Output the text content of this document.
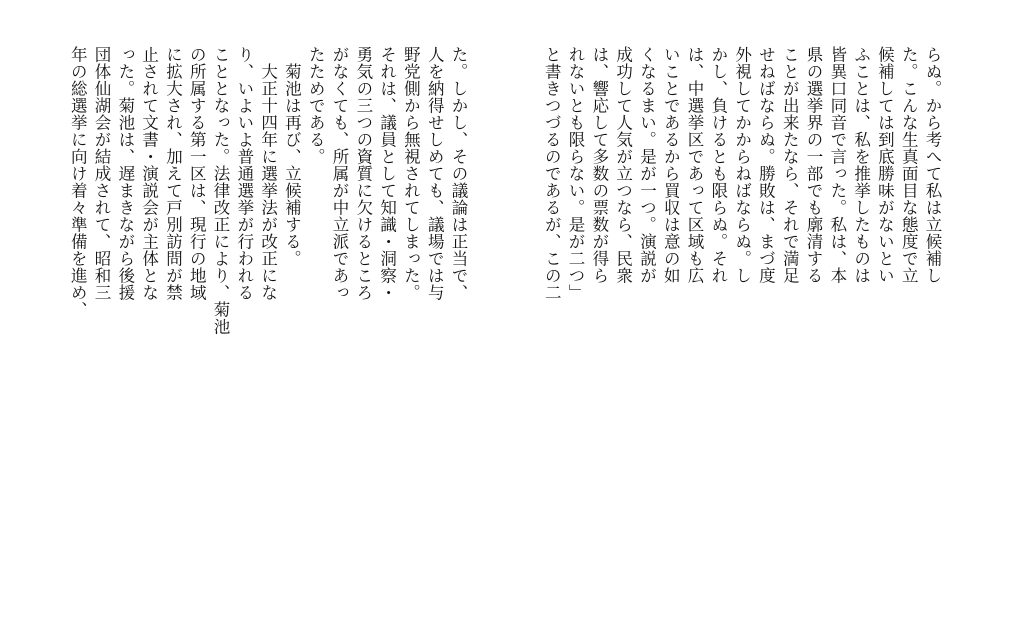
た。しかし、その議論は正当で、
人を納得せしめても、議場では与
野党側から無視されてしまった。
それは、議員として知識・洞察・
勇気の三つの資質に欠けるところ
がなくても、所属が中立派であっ
たためである。
　菊池は再び、立候補する。
　大正十四年に選挙法が改正にな
り、いよいよ普通選挙が行われる
こととなった。法律改正により、菊池
の所属する第一区は、現行の地域
に拡大され、加えて戸別訪問が禁
止されて文書・演説会が主体とな
った。菊池は、遅まきながら後援
団体仙湖会が結成されて、昭和三
年の総選挙に向け着々準備を進め、	らぬ。から考へて私は立候補し
た。こんな生真面目な態度で立
候補しては到底勝味がないとい
ふことは、私を推挙したものは
皆異口同音で言った。私は、本
県の選挙界の一部でも廓清する
ことが出来たなら、それで満足
せねばならぬ。勝敗は、まづ度
外視してかからねばならぬ。し
かし、負けるとも限らぬ。それ
は、中選挙区であって区域も広
いことであるから買収は意の如
くなるまい。是が一つ。演説が
成功して人気が立つなら、民衆
は、響応して多数の票数が得ら
れないとも限らない。是が二つ」
と書きつづるのであるが、この二
